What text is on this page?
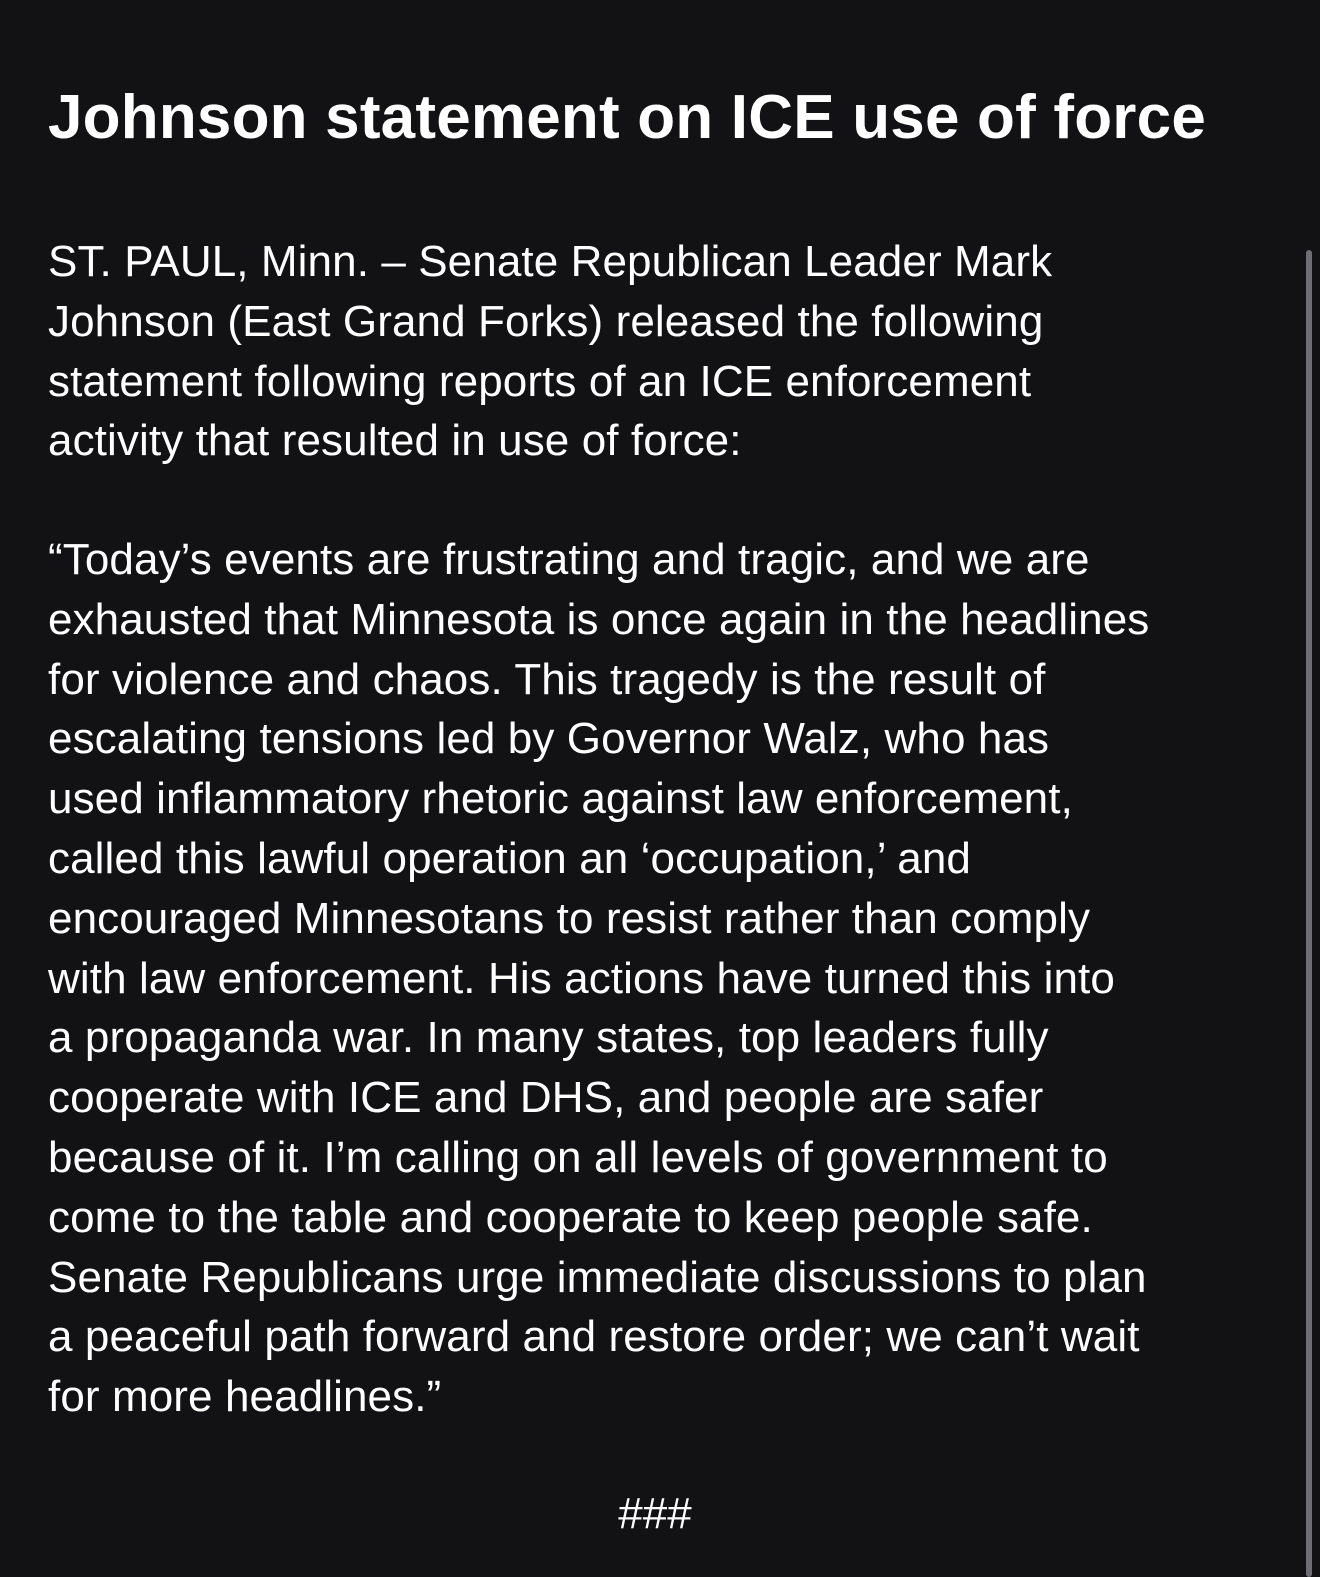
Johnson statement on ICE use of force

ST. PAUL, Minn. – Senate Republican Leader Mark
Johnson (East Grand Forks) released the following
statement following reports of an ICE enforcement
activity that resulted in use of force:

“Today’s events are frustrating and tragic, and we are
exhausted that Minnesota is once again in the headlines
for violence and chaos. This tragedy is the result of
escalating tensions led by Governor Walz, who has
used inflammatory rhetoric against law enforcement,
called this lawful operation an ‘occupation,’ and
encouraged Minnesotans to resist rather than comply
with law enforcement. His actions have turned this into
a propaganda war. In many states, top leaders fully
cooperate with ICE and DHS, and people are safer
because of it. I’m calling on all levels of government to
come to the table and cooperate to keep people safe.
Senate Republicans urge immediate discussions to plan
a peaceful path forward and restore order; we can’t wait
for more headlines.”

###
